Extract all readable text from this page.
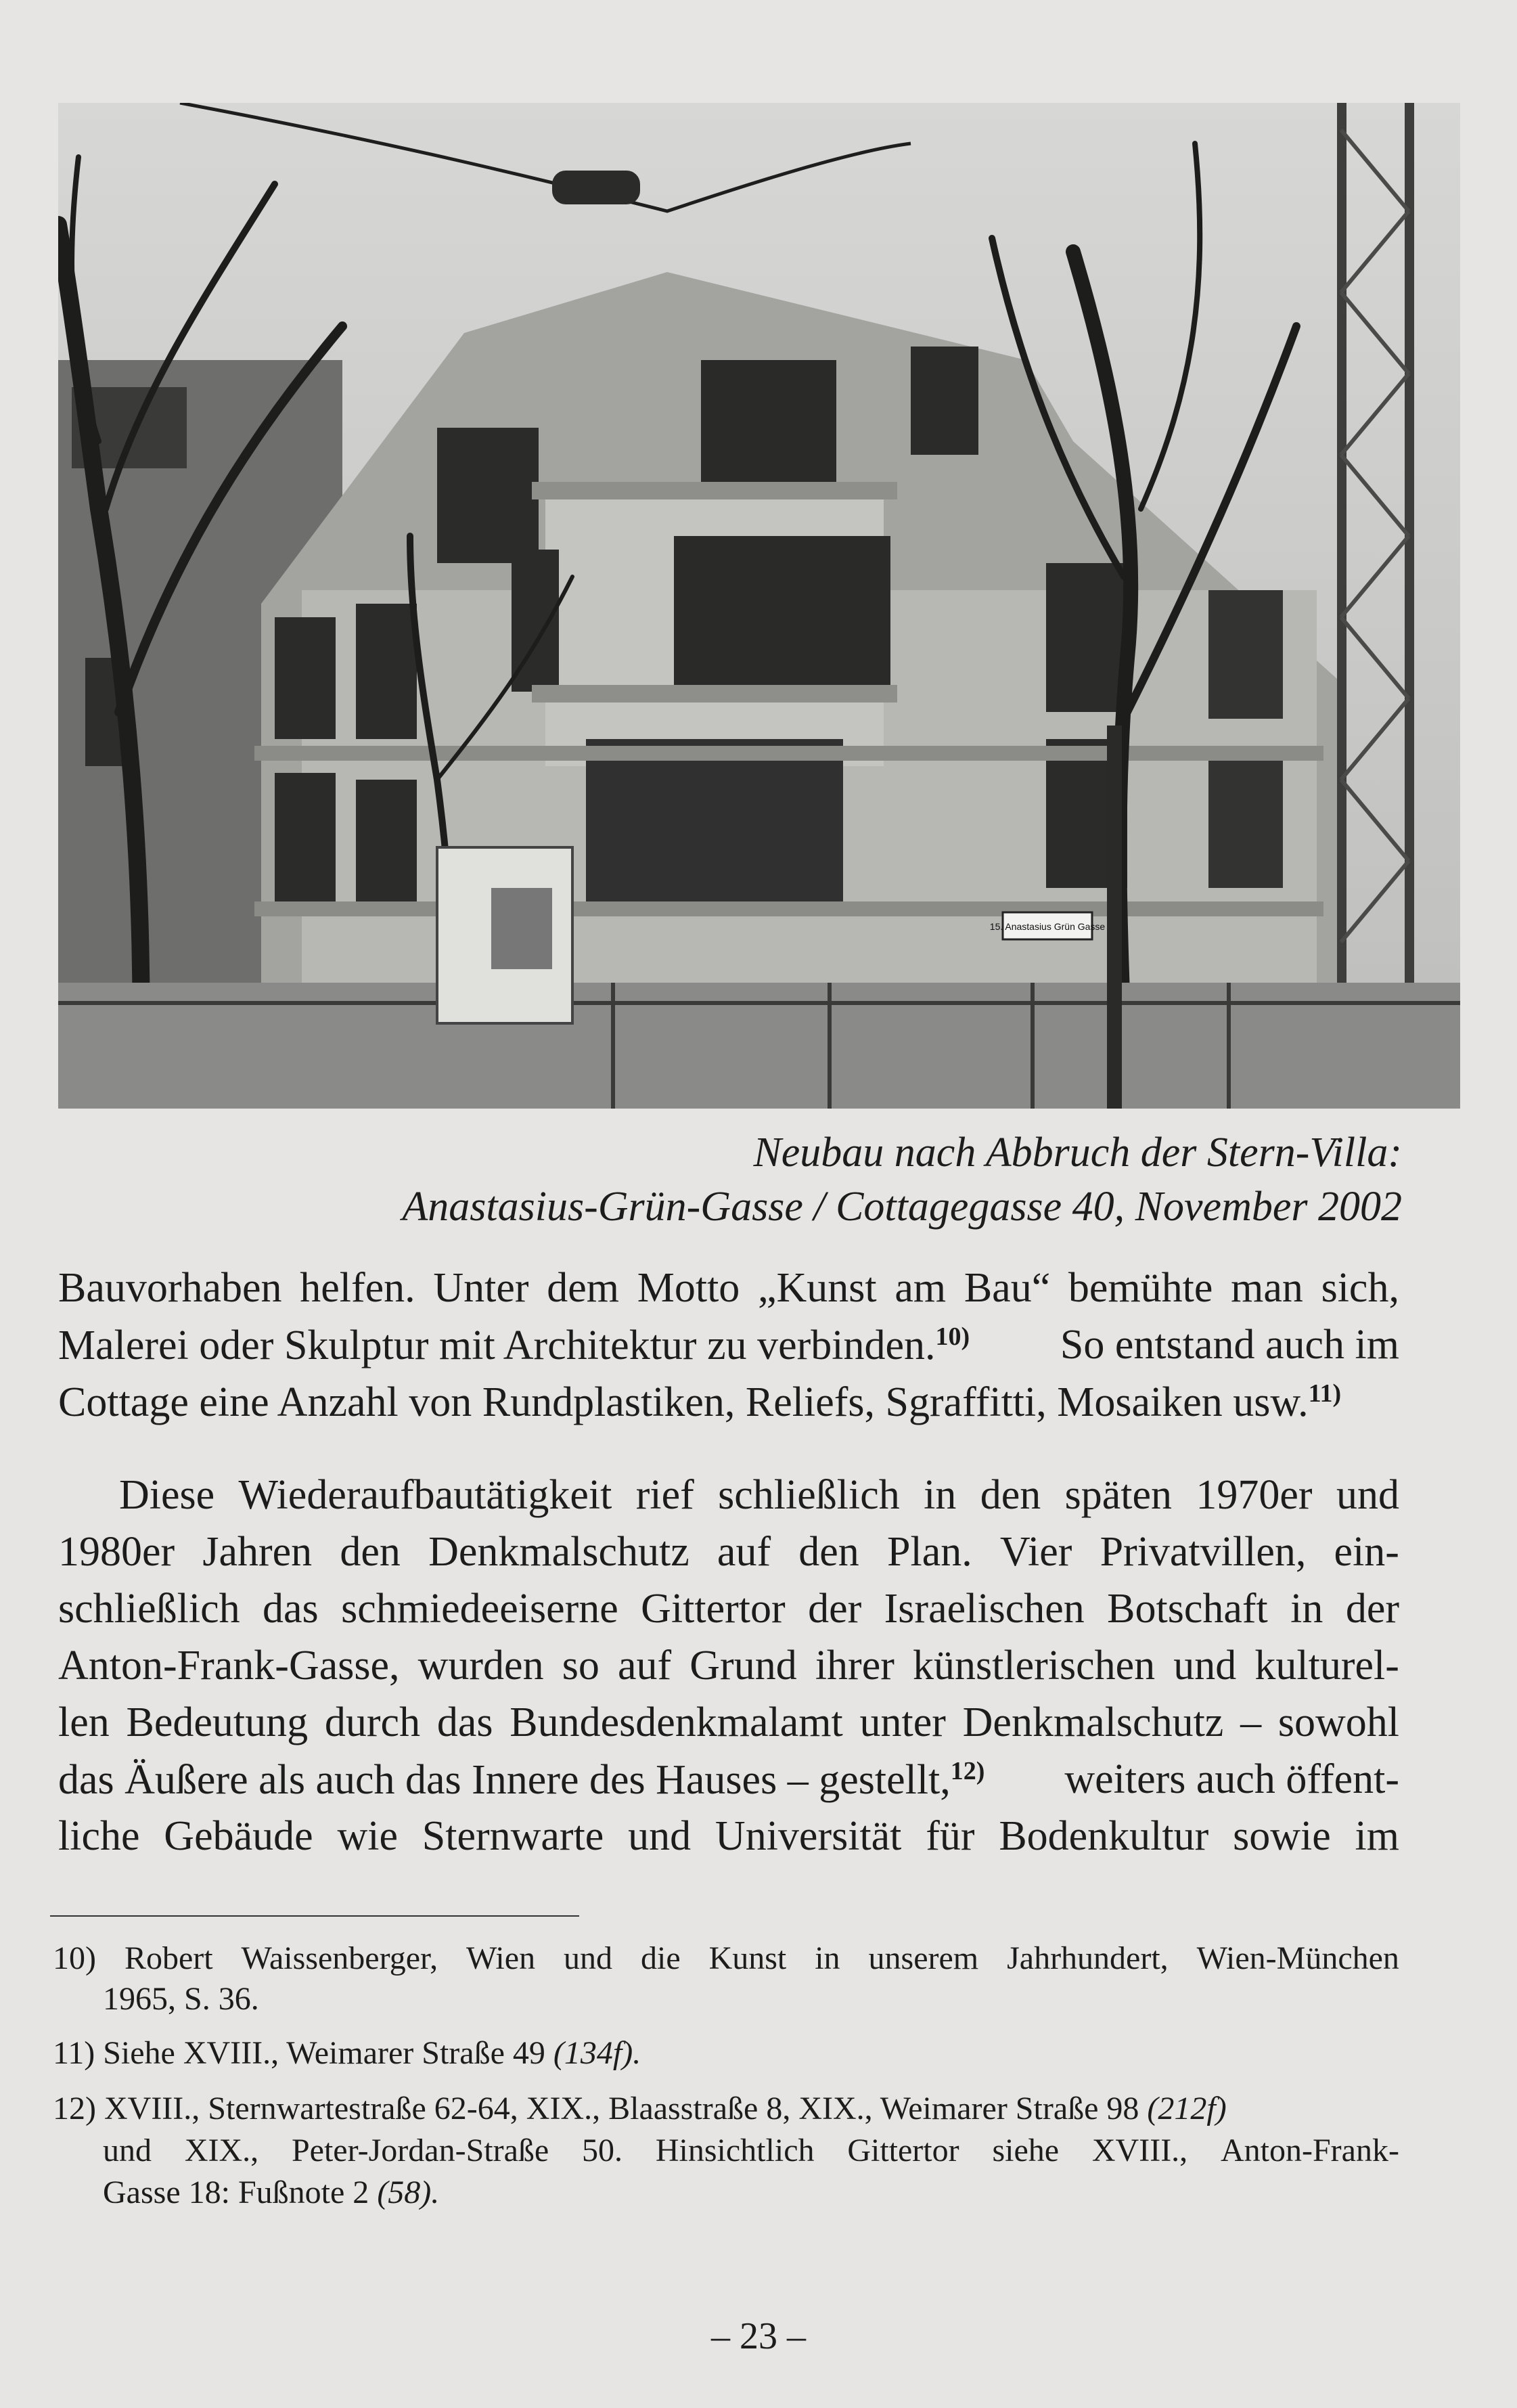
15. Anastasius Grün Gasse
Neubau nach Abbruch der Stern-Villa:
Anastasius-Grün-Gasse / Cottagegasse 40, November 2002
Bauvorhaben helfen. Unter dem Motto „Kunst am Bau“ bemühte man sich,
Malerei oder Skulptur mit Architektur zu verbinden.$^{10)}$ So entstand auch im
Cottage eine Anzahl von Rundplastiken, Reliefs, Sgraffitti, Mosaiken usw.$^{11)}$
Diese Wiederaufbautätigkeit rief schließlich in den späten 1970er und
1980er Jahren den Denkmalschutz auf den Plan. Vier Privatvillen, ein-
schließlich das schmiedeeiserne Gittertor der Israelischen Botschaft in der
Anton-Frank-Gasse, wurden so auf Grund ihrer künstlerischen und kulturel-
len Bedeutung durch das Bundesdenkmalamt unter Denkmalschutz – sowohl
das Äußere als auch das Innere des Hauses – gestellt,$^{12)}$ weiters auch öffent-
liche Gebäude wie Sternwarte und Universität für Bodenkultur sowie im
10) Robert Waissenberger, Wien und die Kunst in unserem Jahrhundert, Wien-München
1965, S. 36.
11) Siehe XVIII., Weimarer Straße 49 (134f).
12) XVIII., Sternwartestraße 62-64, XIX., Blaasstraße 8, XIX., Weimarer Straße 98 (212f)
und XIX., Peter-Jordan-Straße 50. Hinsichtlich Gittertor siehe XVIII., Anton-Frank-
Gasse 18: Fußnote 2 (58).
– 23 –
